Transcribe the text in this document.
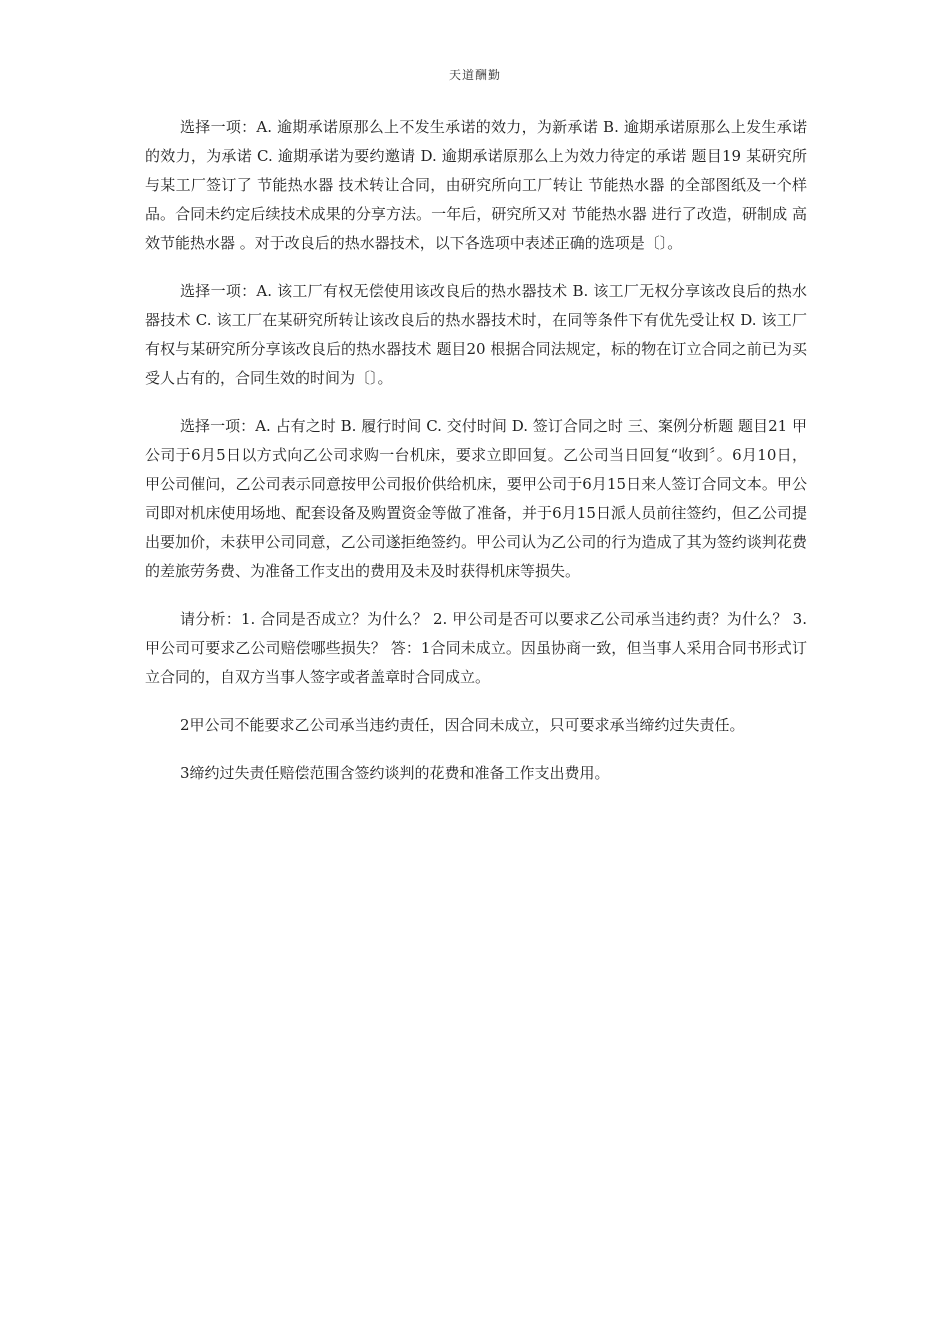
天道酬勤

选择一项：A. 逾期承诺原那么上不发生承诺的效力，为新承诺 B. 逾期承诺原那么上发生承诺的效力，为承诺 C. 逾期承诺为要约邀请 D. 逾期承诺原那么上为效力待定的承诺 题目19 某研究所与某工厂签订了 节能热水器 技术转让合同，由研究所向工厂转让 节能热水器 的全部图纸及一个样品。合同未约定后续技术成果的分享方法。一年后，研究所又对 节能热水器 进行了改造，研制成 高效节能热水器 。对于改良后的热水器技术，以下各选项中表述正确的选项是〔〕。

选择一项：A. 该工厂有权无偿使用该改良后的热水器技术 B. 该工厂无权分享该改良后的热水器技术 C. 该工厂在某研究所转让该改良后的热水器技术时，在同等条件下有优先受让权 D. 该工厂有权与某研究所分享该改良后的热水器技术 题目20 根据合同法规定，标的物在订立合同之前已为买受人占有的，合同生效的时间为〔〕。

选择一项：A. 占有之时 B. 履行时间 C. 交付时间 D. 签订合同之时 三、案例分析题 题目21 甲公司于6月5日以方式向乙公司求购一台机床，要求立即回复。乙公司当日回复“收到〞。6月10日，甲公司催问，乙公司表示同意按甲公司报价供给机床，要甲公司于6月15日来人签订合同文本。甲公司即对机床使用场地、配套设备及购置资金等做了准备，并于6月15日派人员前往签约，但乙公司提出要加价，未获甲公司同意，乙公司遂拒绝签约。甲公司认为乙公司的行为造成了其为签约谈判花费的差旅劳务费、为准备工作支出的费用及未及时获得机床等损失。

请分析：1. 合同是否成立？为什么？ 2. 甲公司是否可以要求乙公司承当违约责？为什么？ 3. 甲公司可要求乙公司赔偿哪些损失？ 答：1合同未成立。因虽协商一致，但当事人采用合同书形式订立合同的，自双方当事人签字或者盖章时合同成立。

2甲公司不能要求乙公司承当违约责任，因合同未成立，只可要求承当缔约过失责任。

3缔约过失责任赔偿范围含签约谈判的花费和准备工作支出费用。
